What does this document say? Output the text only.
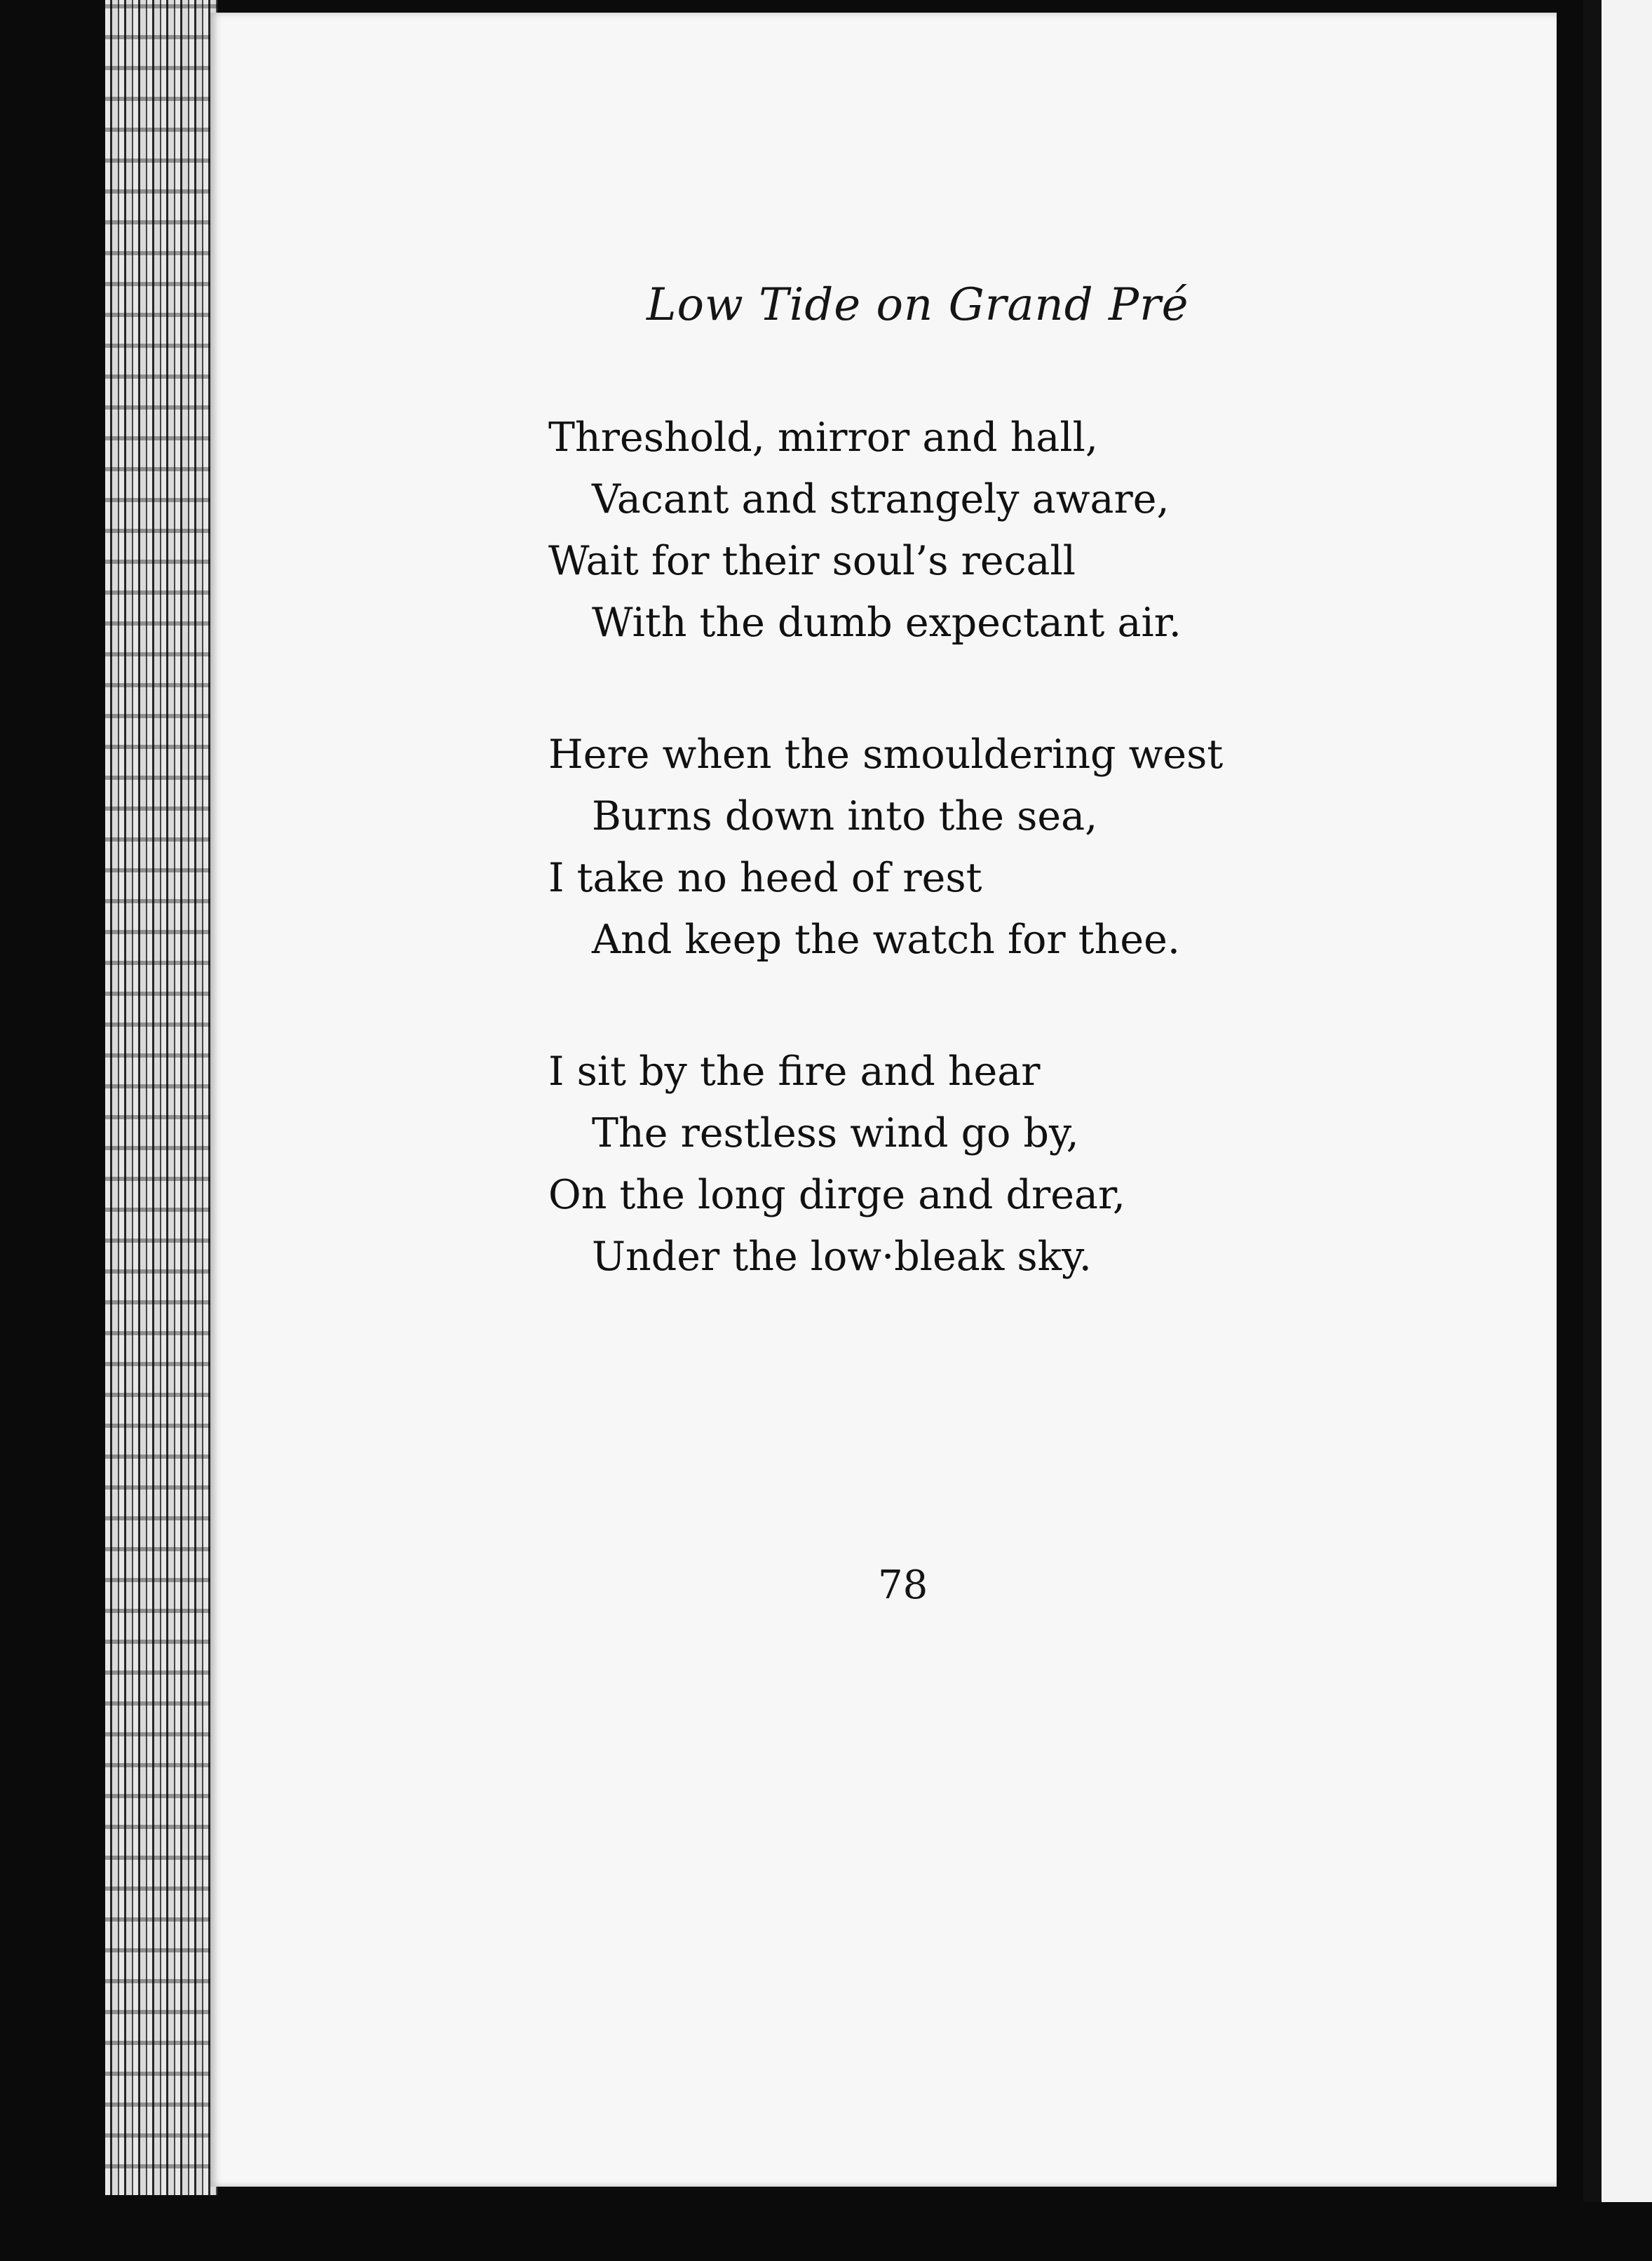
Low Tide on Grand Pré
Threshold, mirror and hall,
Vacant and strangely aware,
Wait for their soul’s recall
With the dumb expectant air.
Here when the smouldering west
Burns down into the sea,
I take no heed of rest
And keep the watch for thee.
I sit by the fire and hear
The restless wind go by,
On the long dirge and drear,
Under the low·bleak sky.
78
